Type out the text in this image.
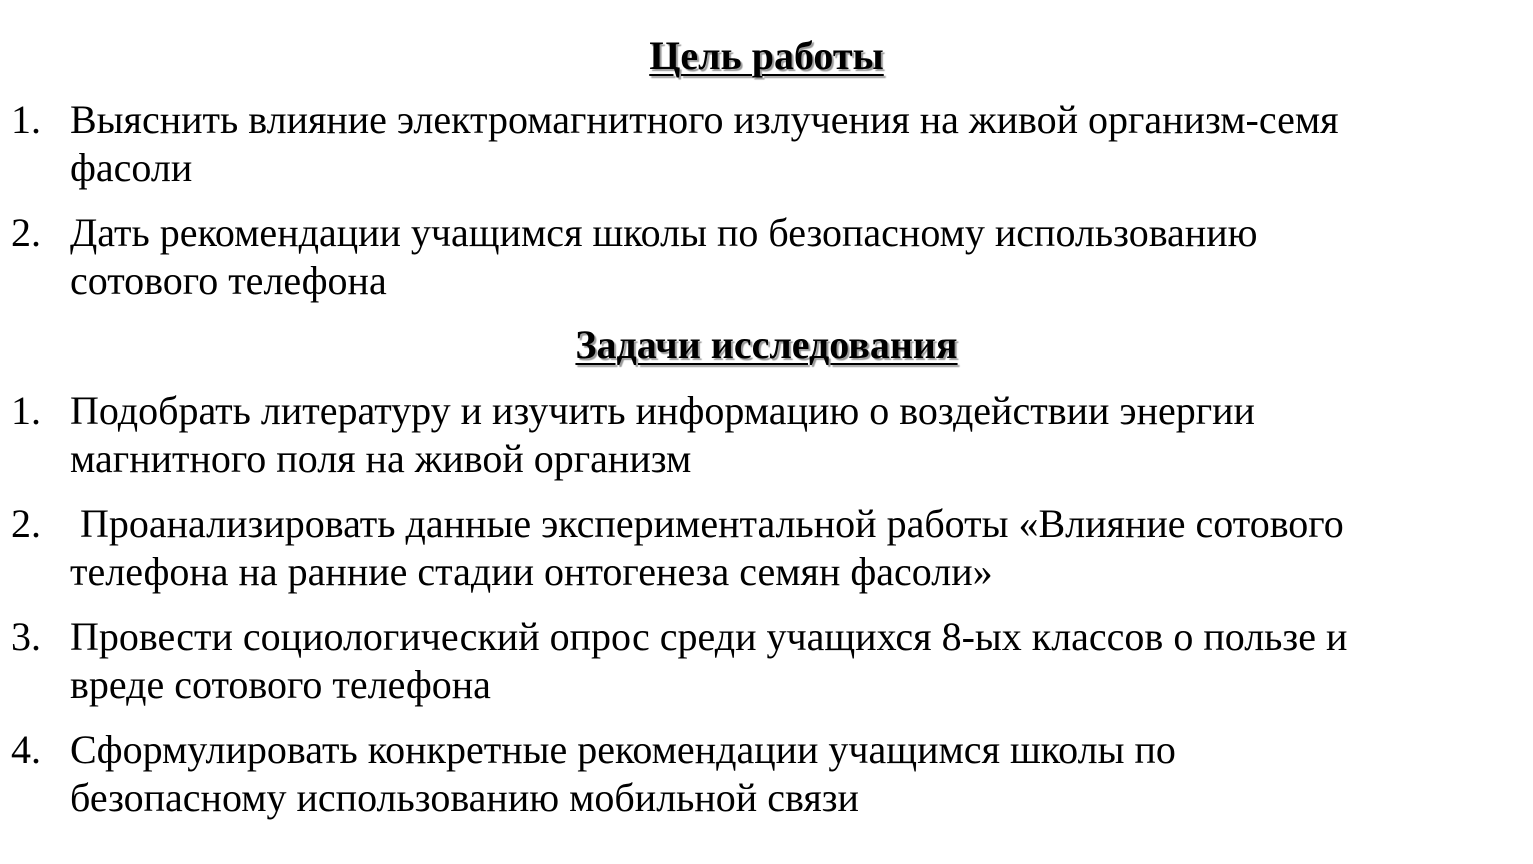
Цель работы
1. Выяснить влияние электромагнитного излучения на живой организм-семя
фасоли
2. Дать рекомендации учащимся школы по безопасному использованию
сотового телефона
Задачи исследования
1. Подобрать литературу и изучить информацию о воздействии энергии
магнитного поля на живой организм
2. Проанализировать данные экспериментальной работы «Влияние сотового
телефона на ранние стадии онтогенеза семян фасоли»
3. Провести социологический опрос среди учащихся 8-ых классов о пользе и
вреде сотового телефона
4. Сформулировать конкретные рекомендации учащимся школы по
безопасному использованию мобильной связи
